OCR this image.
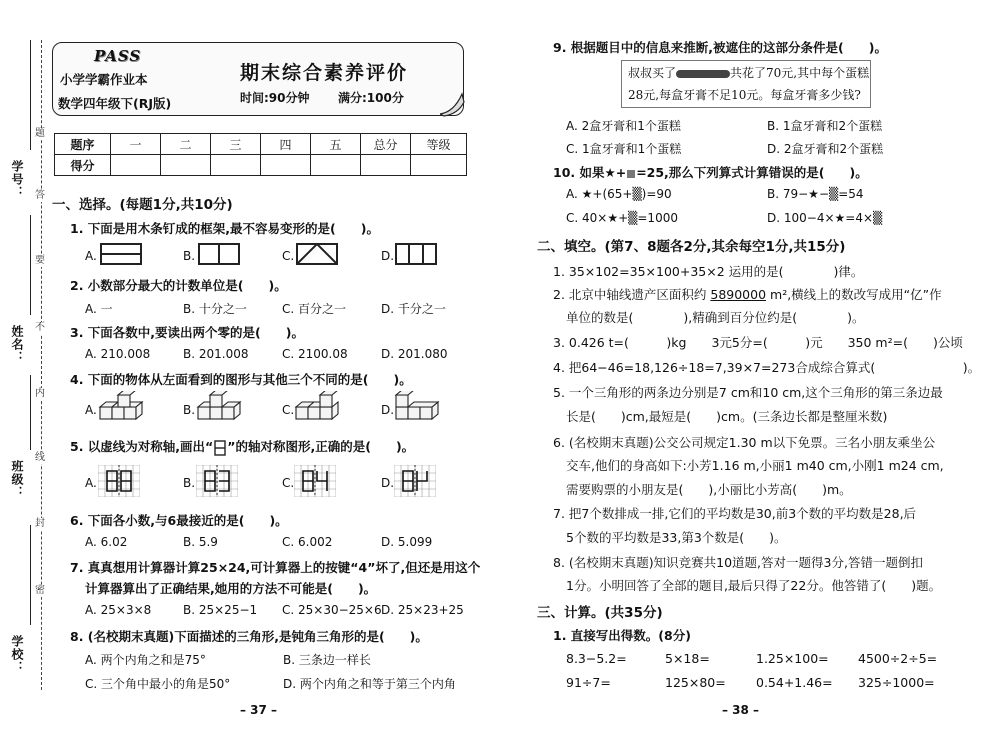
题
答
要
不
内
线
封
密
学号：
姓名：
班级：
学校：
PASS
小学学霸作业本
数学四年级下(RJ版)
期末综合素养评价
时间:90分钟 满分:100分
题序	一	二	三	四	五	总分	等级
得分							
一、选择。(每题1分,共10分)
1. 下面是用木条钉成的框架,最不容易变形的是(　　)。
A.	B.	C.	D.
2. 小数部分最大的计数单位是(　　)。
A. 一	B. 十分之一	C. 百分之一	D. 千分之一
3. 下面各数中,要读出两个零的是(　　)。
A. 210.008	B. 201.008	C. 2100.08	D. 201.080
4. 下面的物体从左面看到的图形与其他三个不同的是(　　)。
A.	B.	C.	D.
5. 以虚线为对称轴,画出“ ”的轴对称图形,正确的是(　　)。
A.	B.	C.	D.
6. 下面各小数,与6最接近的是(　　)。
A. 6.02	B. 5.9	C. 6.002	D. 5.099
7. 真真想用计算器计算25×24,可计算器上的按键“4”坏了,但还是用这个
计算器算出了正确结果,她用的方法不可能是(　　)。
A. 25×3×8	B. 25×25−1 C. 25×30−25×6 D. 25×23+25
8. (名校期末真题)下面描述的三角形,是钝角三角形的是(　　)。
A. 两个内角之和是75°	B. 三条边一样长
C. 三个角中最小的角是50°	D. 两个内角之和等于第三个内角
– 37 –
9. 根据题目中的信息来推断,被遮住的这部分条件是(　　)。
叔叔买了	共花了70元,其中每个蛋糕
28元,每盒牙膏不足10元。每盒牙膏多少钱?
A. 2盒牙膏和1个蛋糕	B. 1盒牙膏和2个蛋糕
C. 1盒牙膏和1个蛋糕	D. 2盒牙膏和2个蛋糕
10. 如果★+ =25,那么下列算式计算错误的是(　　)。
A. ★+(65+▒)=90	B. 79−★−▒=54
C. 40×★+▒=1000	D. 100−4×★=4×▒
二、填空。(第7、8题各2分,其余每空1分,共15分)
1. 35×102=35×100+35×2 运用的是(　　　　)律。
2. 北京中轴线遗产区面积约 5890000 m²,横线上的数改写成用“亿”作
单位的数是(　　　　),精确到百分位约是(　　　　)。
3. 0.426 t=(　　　)kg　　3元5分=(　　　)元　　350 m²=(　　)公顷
4. 把64−46=18,126÷18=7,39×7=273合成综合算式(　　　　　　　)。
5. 一个三角形的两条边分别是7 cm和10 cm,这个三角形的第三条边最
长是(　　)cm,最短是(　　)cm。(三条边长都是整厘米数)
6. (名校期末真题)公交公司规定1.30 m以下免票。三名小朋友乘坐公
交车,他们的身高如下:小芳1.16 m,小丽1 m40 cm,小刚1 m24 cm,
需要购票的小朋友是(　　),小丽比小芳高(　　)m。
7. 把7个数排成一排,它们的平均数是30,前3个数的平均数是28,后
5个数的平均数是33,第3个数是(　　)。
8. (名校期末真题)知识竞赛共10道题,答对一题得3分,答错一题倒扣
1分。小明回答了全部的题目,最后只得了22分。他答错了(　　)题。
三、计算。(共35分)
1. 直接写出得数。(8分)
8.3−5.2=	5×18=	1.25×100= 4500÷2÷5=
91÷7=	125×80= 0.54+1.46= 325÷1000=
– 38 –
